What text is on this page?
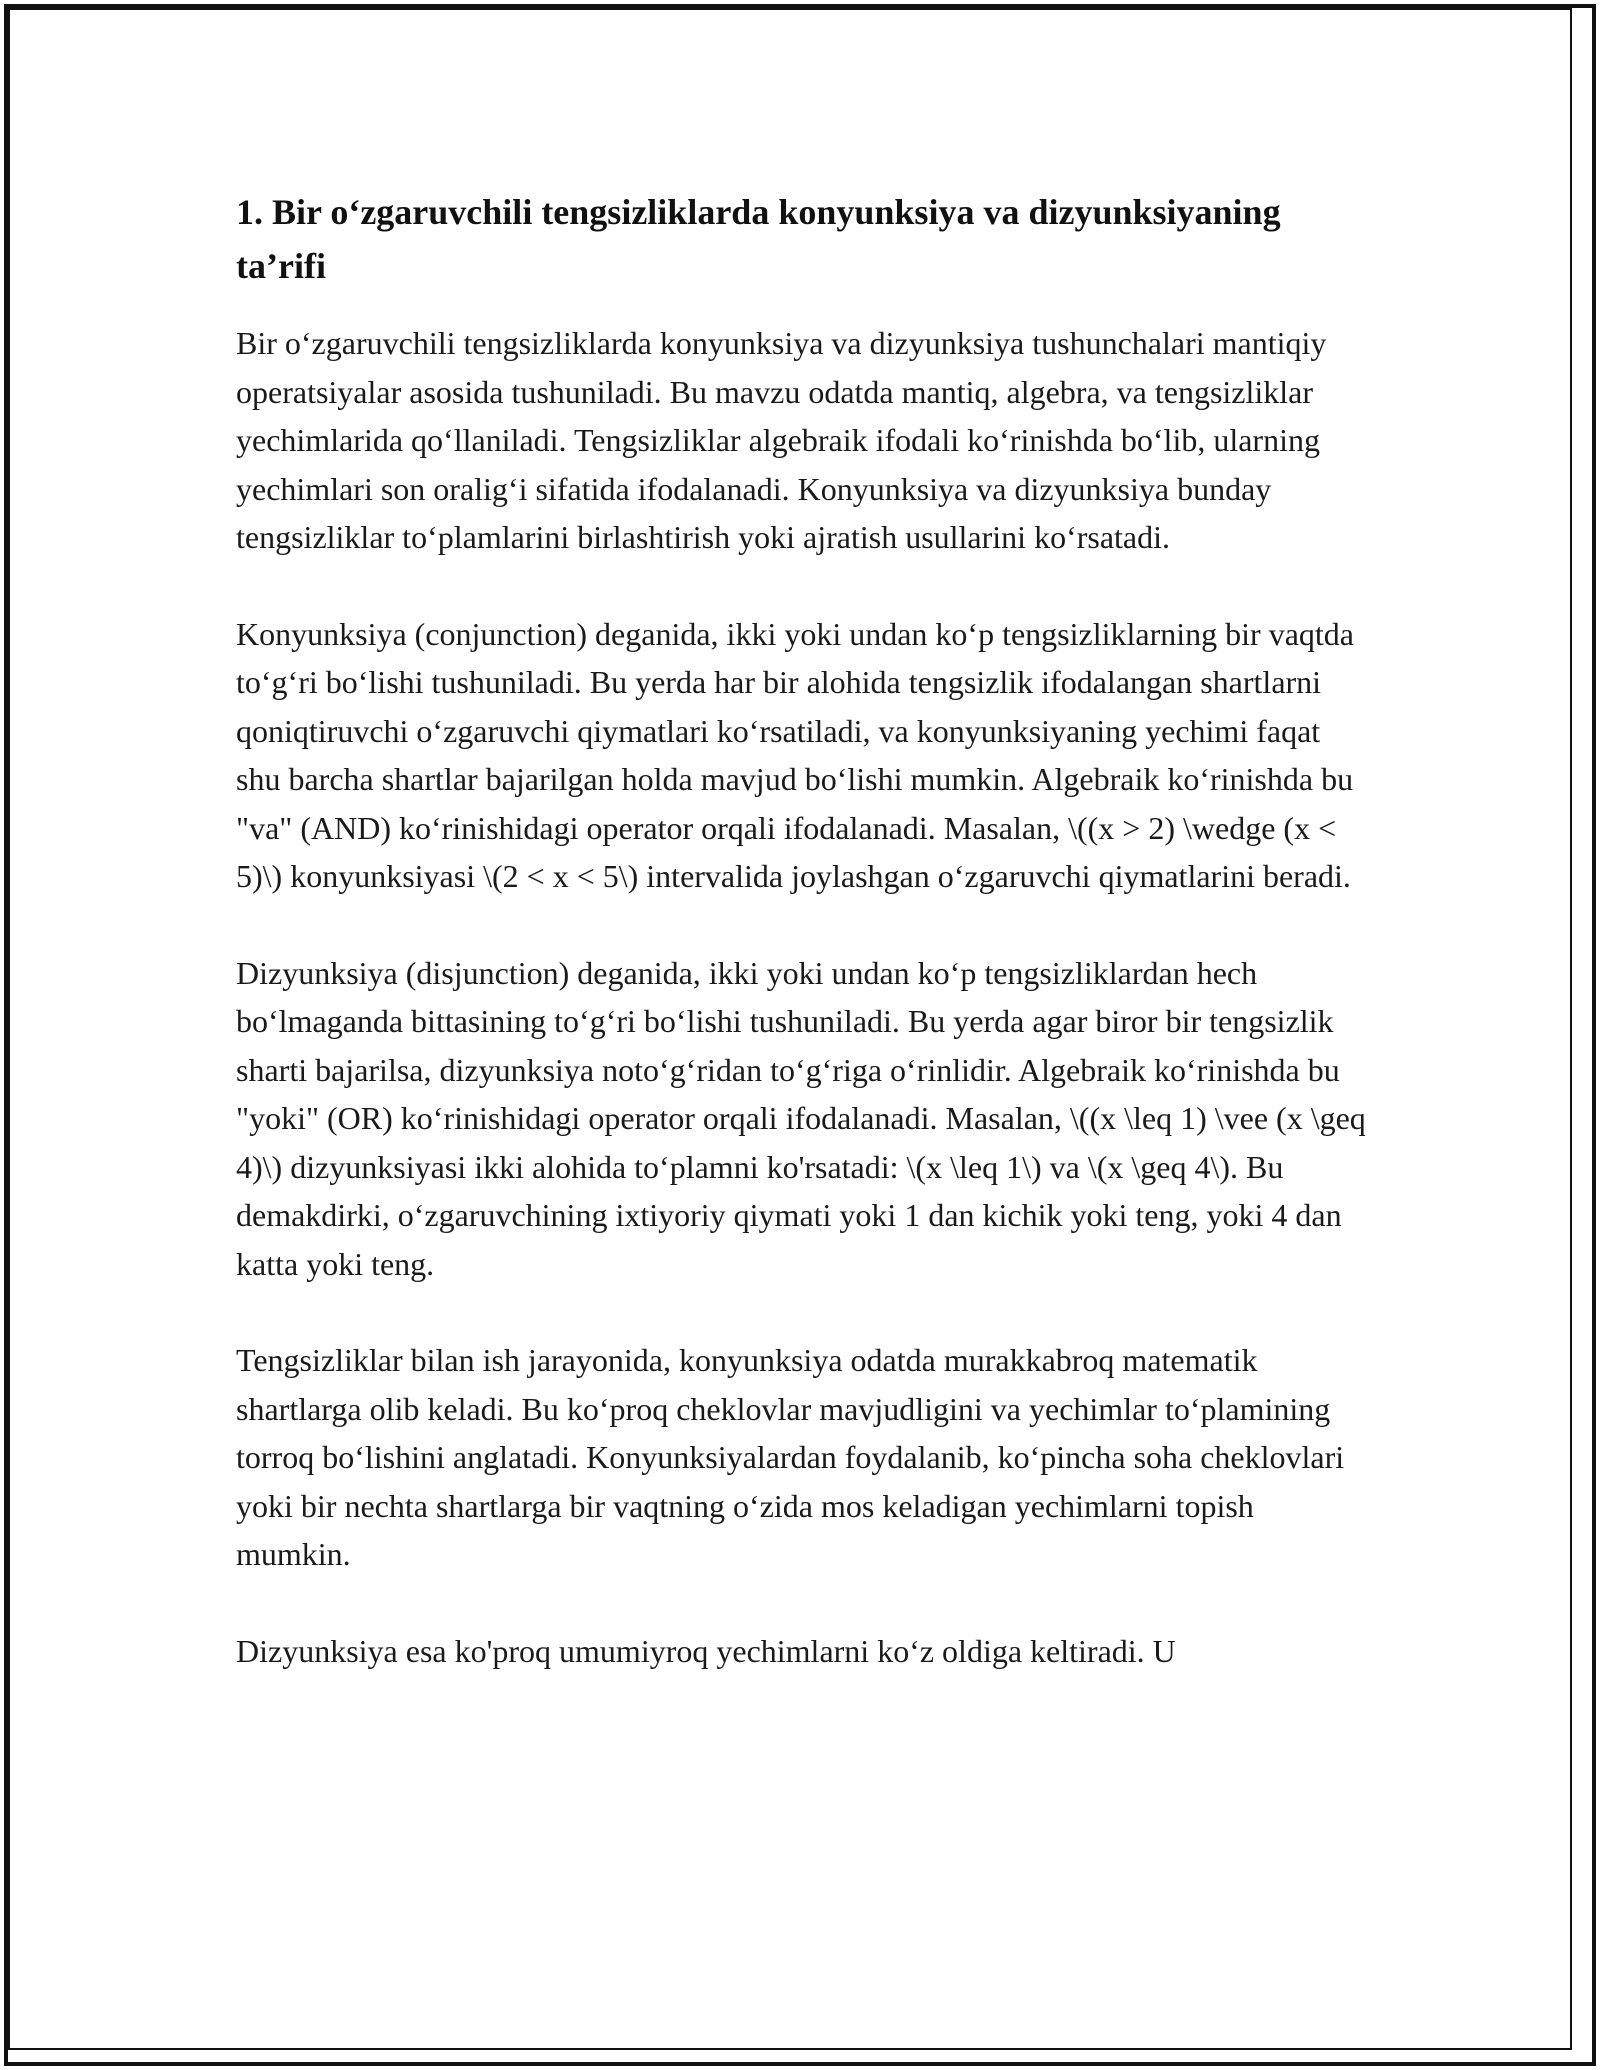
1. Bir o‘zgaruvchili tengsizliklarda konyunksiya va dizyunksiyaning ta’rifi

Bir o‘zgaruvchili tengsizliklarda konyunksiya va dizyunksiya tushunchalari mantiqiy operatsiyalar asosida tushuniladi. Bu mavzu odatda mantiq, algebra, va tengsizliklar yechimlarida qo‘llaniladi. Tengsizliklar algebraik ifodali ko‘rinishda bo‘lib, ularning yechimlari son oralig‘i sifatida ifodalanadi. Konyunksiya va dizyunksiya bunday tengsizliklar to‘plamlarini birlashtirish yoki ajratish usullarini ko‘rsatadi.

Konyunksiya (conjunction) deganida, ikki yoki undan ko‘p tengsizliklarning bir vaqtda to‘g‘ri bo‘lishi tushuniladi. Bu yerda har bir alohida tengsizlik ifodalangan shartlarni qoniqtiruvchi o‘zgaruvchi qiymatlari ko‘rsatiladi, va konyunksiyaning yechimi faqat shu barcha shartlar bajarilgan holda mavjud bo‘lishi mumkin. Algebraik ko‘rinishda bu "va" (AND) ko‘rinishidagi operator orqali ifodalanadi. Masalan, \((x > 2) \wedge (x < 5)\) konyunksiyasi \(2 < x < 5\) intervalida joylashgan o‘zgaruvchi qiymatlarini beradi.

Dizyunksiya (disjunction) deganida, ikki yoki undan ko‘p tengsizliklardan hech bo‘lmaganda bittasining to‘g‘ri bo‘lishi tushuniladi. Bu yerda agar biror bir tengsizlik sharti bajarilsa, dizyunksiya noto‘g‘ridan to‘g‘riga o‘rinlidir. Algebraik ko‘rinishda bu "yoki" (OR) ko‘rinishidagi operator orqali ifodalanadi. Masalan, \((x \leq 1) \vee (x \geq 4)\) dizyunksiyasi ikki alohida to‘plamni ko'rsatadi: \(x \leq 1\) va \(x \geq 4\). Bu demakdirki, o‘zgaruvchining ixtiyoriy qiymati yoki 1 dan kichik yoki teng, yoki 4 dan katta yoki teng.

Tengsizliklar bilan ish jarayonida, konyunksiya odatda murakkabroq matematik shartlarga olib keladi. Bu ko‘proq cheklovlar mavjudligini va yechimlar to‘plamining torroq bo‘lishini anglatadi. Konyunksiyalardan foydalanib, ko‘pincha soha cheklovlari yoki bir nechta shartlarga bir vaqtning o‘zida mos keladigan yechimlarni topish mumkin.

Dizyunksiya esa ko'proq umumiyroq yechimlarni ko‘z oldiga keltiradi. U
